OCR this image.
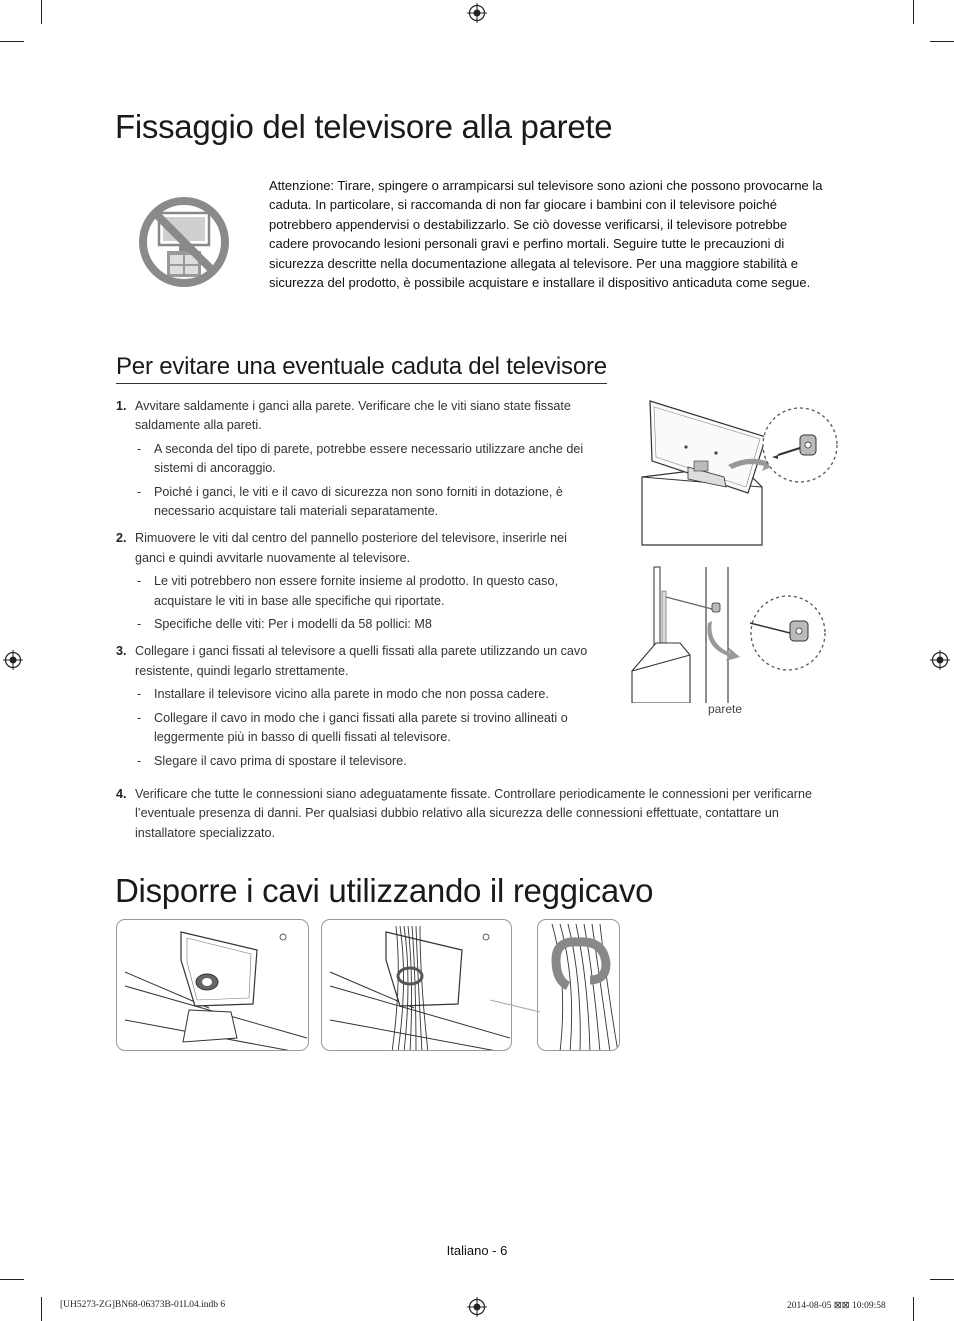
Fissaggio del televisore alla parete
Attenzione: Tirare, spingere o arrampicarsi sul televisore sono azioni che possono provocarne la caduta. In particolare, si raccomanda di non far giocare i bambini con il televisore poiché potrebbero appendervisi o destabilizzarlo. Se ciò dovesse verificarsi, il televisore potrebbe cadere provocando lesioni personali gravi e perfino mortali. Seguire tutte le precauzioni di sicurezza descritte nella documentazione allegata al televisore. Per una maggiore stabilità e sicurezza del prodotto, è possibile acquistare e installare il dispositivo anticaduta come segue.
Per evitare una eventuale caduta del televisore
1. Avvitare saldamente i ganci alla parete. Verificare che le viti siano state fissate saldamente alla pareti.
- A seconda del tipo di parete, potrebbe essere necessario utilizzare anche dei sistemi di ancoraggio.
- Poiché i ganci, le viti e il cavo di sicurezza non sono forniti in dotazione, è necessario acquistare tali materiali separatamente.
2. Rimuovere le viti dal centro del pannello posteriore del televisore, inserirle nei ganci e quindi avvitarle nuovamente al televisore.
- Le viti potrebbero non essere fornite insieme al prodotto. In questo caso, acquistare le viti in base alle specifiche qui riportate.
- Specifiche delle viti: Per i modelli da 58 pollici: M8
3. Collegare i ganci fissati al televisore a quelli fissati alla parete utilizzando un cavo resistente, quindi legarlo strettamente.
- Installare il televisore vicino alla parete in modo che non possa cadere.
- Collegare il cavo in modo che i ganci fissati alla parete si trovino allineati o leggermente più in basso di quelli fissati al televisore.
- Slegare il cavo prima di spostare il televisore.
4. Verificare che tutte le connessioni siano adeguatamente fissate. Controllare periodicamente le connessioni per verificarne l’eventuale presenza di danni. Per qualsiasi dubbio relativo alla sicurezza delle connessioni effettuate, contattare un installatore specializzato.
parete
Disporre i cavi utilizzando il reggicavo
Italiano - 6
[UH5273-ZG]BN68-06373B-01L04.indb 6	2014-08-05 ⊠⊠ 10:09:58
